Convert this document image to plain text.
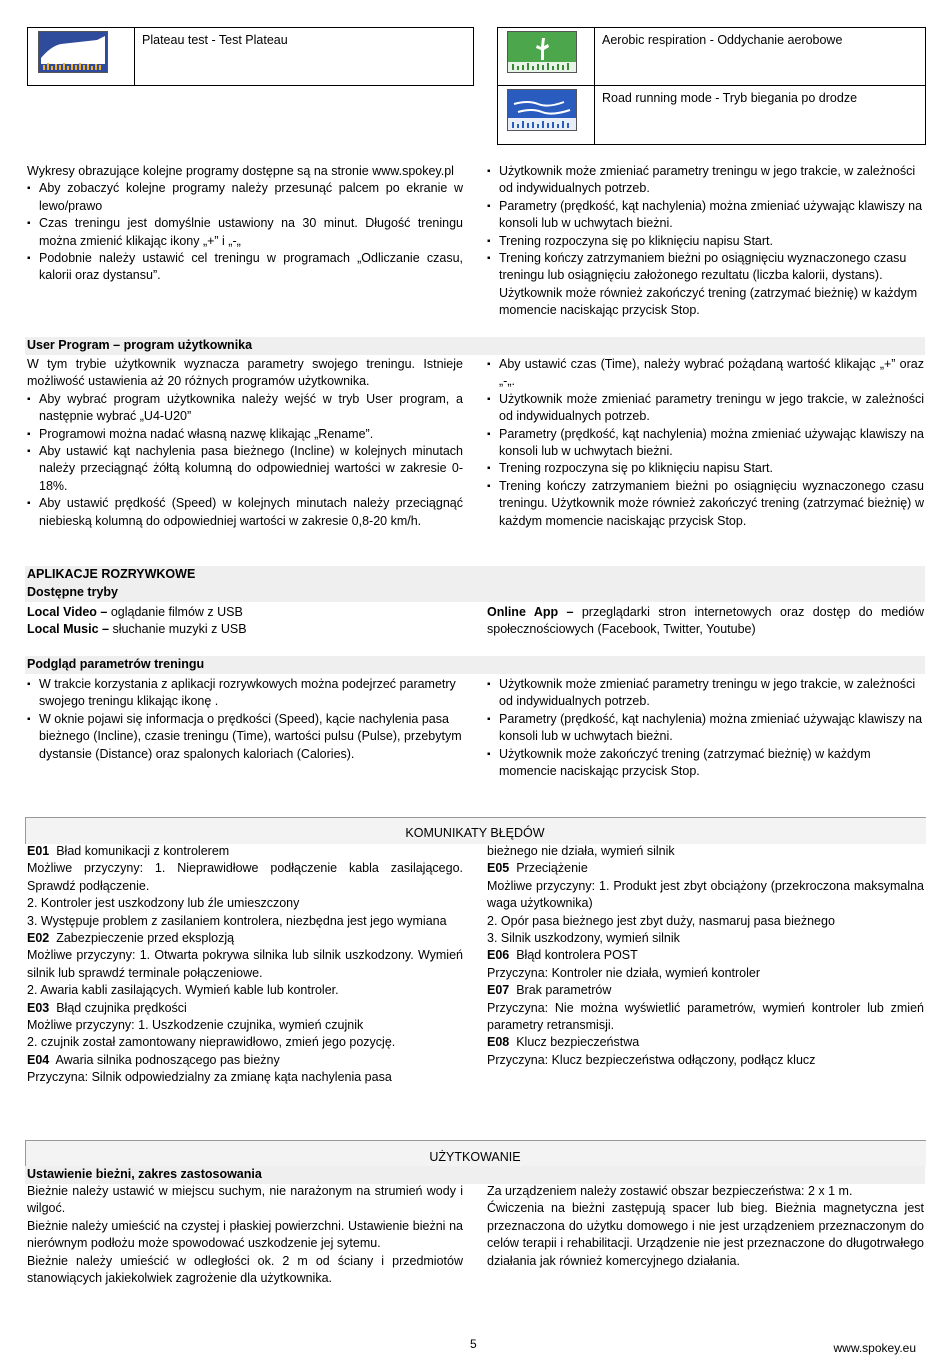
Plateau test - Test Plateau	Aerobic respiration - Oddychanie aerobowe
Road running mode - Tryb biegania po drodze

Wykresy obrazujące kolejne programy dostępne są na stronie www.spokey.pl

▪ Aby zobaczyć kolejne programy należy przesunąć palcem po ekranie w lewo/prawo
▪ Czas treningu jest domyślnie ustawiony na 30 minut. Długość treningu można zmienić klikając ikony „+” i „-„
▪ Podobnie należy ustawić cel treningu w programach „Odliczanie czasu, kalorii oraz dystansu”.
▪ Użytkownik może zmieniać parametry treningu w jego trakcie, w zależności od indywidualnych potrzeb.
▪ Parametry (prędkość, kąt nachylenia) można zmieniać używając klawiszy na konsoli lub w uchwytach bieżni.
▪ Trening rozpoczyna się po kliknięciu napisu Start.
▪ Trening kończy zatrzymaniem bieżni po osiągnięciu wyznaczonego czasu treningu lub osiągnięciu założonego rezultatu (liczba kalorii, dystans). Użytkownik może również zakończyć trening (zatrzymać bieżnię) w każdym momencie naciskając przycisk Stop.
User Program – program użytkownika

W tym trybie użytkownik wyznacza parametry swojego treningu. Istnieje możliwość ustawienia aż 20 różnych programów użytkownika.

▪ Aby wybrać program użytkownika należy wejść w tryb User program, a następnie wybrać „U4-U20”
▪ Programowi można nadać własną nazwę klikając „Rename”.
▪ Aby ustawić kąt nachylenia pasa bieżnego (Incline) w kolejnych minutach należy przeciągnąć żółtą kolumną do odpowiedniej wartości w zakresie 0-18%.
▪ Aby ustawić prędkość (Speed) w kolejnych minutach należy przeciągnąć niebieską kolumną do odpowiedniej wartości w zakresie 0,8-20 km/h.
▪ Aby ustawić czas (Time), należy wybrać pożądaną wartość klikając „+” oraz „-„.
▪ Użytkownik może zmieniać parametry treningu w jego trakcie, w zależności od indywidualnych potrzeb.
▪ Parametry (prędkość, kąt nachylenia) można zmieniać używając klawiszy na konsoli lub w uchwytach bieżni.
▪ Trening rozpoczyna się po kliknięciu napisu Start.
▪ Trening kończy zatrzymaniem bieżni po osiągnięciu wyznaczonego czasu treningu. Użytkownik może również zakończyć trening (zatrzymać bieżnię) w każdym momencie naciskając przycisk Stop.
APLIKACJE ROZRYWKOWE
Dostępne tryby

Local Video – oglądanie filmów z USB

Local Music – słuchanie muzyki z USB

Online App – przeglądarki stron internetowych oraz dostęp do mediów społecznościowych (Facebook, Twitter, Youtube)

Podgląd parametrów treningu
▪ W trakcie korzystania z aplikacji rozrywkowych można podejrzeć parametry swojego treningu klikając ikonę .
▪ W oknie pojawi się informacja o prędkości (Speed), kącie nachylenia pasa bieżnego (Incline), czasie treningu (Time), wartości pulsu (Pulse), przebytym dystansie (Distance) oraz spalonych kaloriach (Calories).
▪ Użytkownik może zmieniać parametry treningu w jego trakcie, w zależności od indywidualnych potrzeb.
▪ Parametry (prędkość, kąt nachylenia) można zmieniać używając klawiszy na konsoli lub w uchwytach bieżni.
▪ Użytkownik może zakończyć trening (zatrzymać bieżnię) w każdym momencie naciskając przycisk Stop.
KOMUNIKATY BŁĘDÓW

E01 Bład komunikacji z kontrolerem

Możliwe przyczyny: 1. Nieprawidłowe podłączenie kabla zasilającego. Sprawdź podłączenie.

2. Kontroler jest uszkodzony lub źle umieszczony

3. Występuje problem z zasilaniem kontrolera, niezbędna jest jego wymiana

E02 Zabezpieczenie przed eksplozją

Możliwe przyczyny: 1. Otwarta pokrywa silnika lub silnik uszkodzony. Wymień silnik lub sprawdź terminale połączeniowe.

2. Awaria kabli zasilających. Wymień kable lub kontroler.

E03 Błąd czujnika prędkości

Możliwe przyczyny: 1. Uszkodzenie czujnika, wymień czujnik

2. czujnik został zamontowany nieprawidłowo, zmień jego pozycję.

E04 Awaria silnika podnoszącego pas bieżny

Przyczyna: Silnik odpowiedzialny za zmianę kąta nachylenia pasa

bieżnego nie działa, wymień silnik

E05 Przeciążenie

Możliwe przyczyny: 1. Produkt jest zbyt obciążony (przekroczona maksymalna waga użytkownika)

2. Opór pasa bieżnego jest zbyt duży, nasmaruj pasa bieżnego

3. Silnik uszkodzony, wymień silnik

E06 Błąd kontrolera POST

Przyczyna: Kontroler nie działa, wymień kontroler

E07 Brak parametrów

Przyczyna: Nie można wyświetlić parametrów, wymień kontroler lub zmień parametry retransmisji.

E08 Klucz bezpieczeństwa

Przyczyna: Klucz bezpieczeństwa odłączony, podłącz klucz

UŻYTKOWANIE
Ustawienie bieżni, zakres zastosowania

Bieżnie należy ustawić w miejscu suchym, nie narażonym na strumień wody i wilgoć.

Bieżnie należy umieścić na czystej i płaskiej powierzchni. Ustawienie bieżni na nierównym podłożu może spowodować uszkodzenie jej sytemu.

Bieżnie należy umieścić w odległości ok. 2 m od ściany i przedmiotów stanowiących jakiekolwiek zagrożenie dla użytkownika.

Za urządzeniem należy zostawić obszar bezpieczeństwa: 2 x 1 m.

Ćwiczenia na bieżni zastępują spacer lub bieg. Bieżnia magnetyczna jest przeznaczona do użytku domowego i nie jest urządzeniem przeznaczonym do celów terapii i rehabilitacji. Urządzenie nie jest przeznaczone do długotrwałego działania jak również komercyjnego działania.

5	www.spokey.eu
